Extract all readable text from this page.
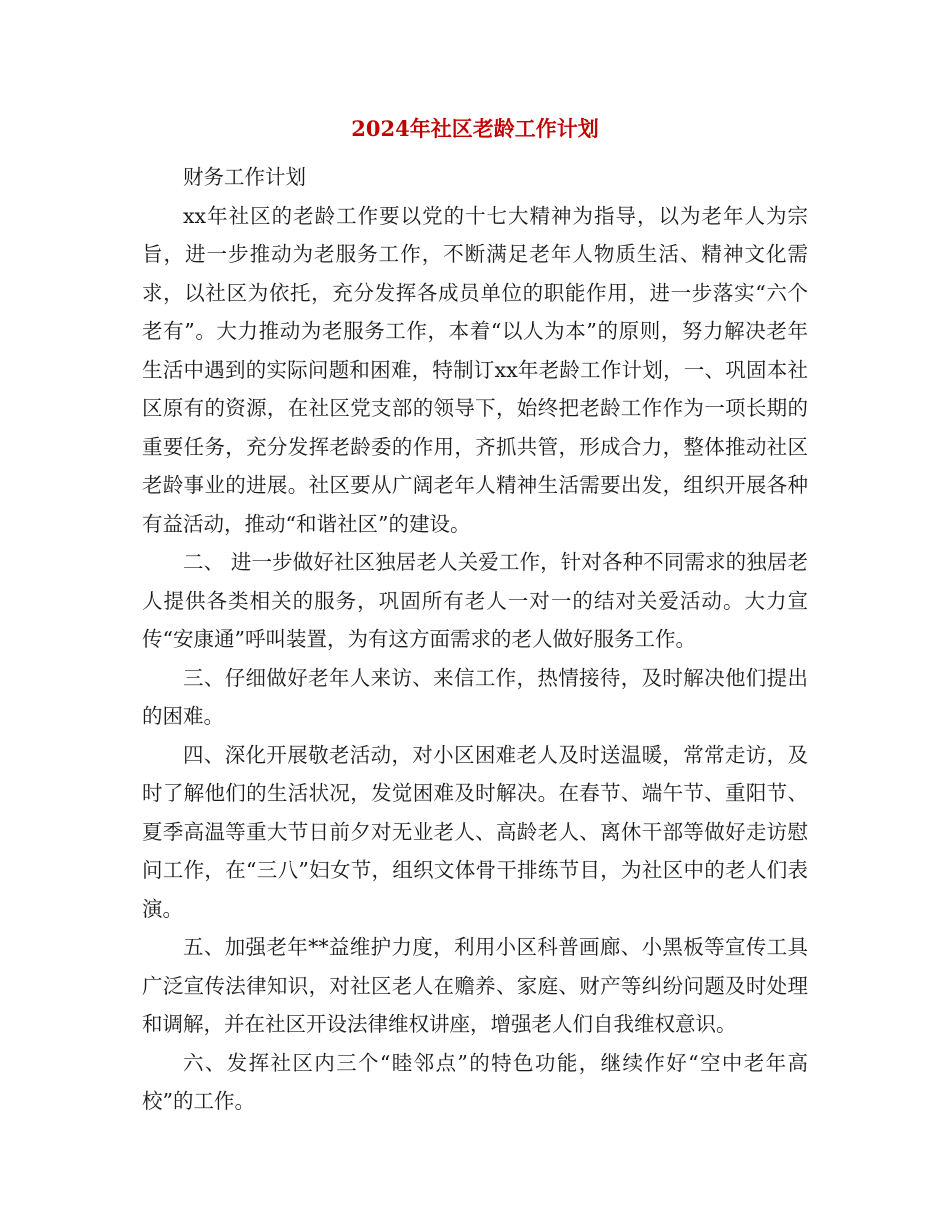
2024年社区老龄工作计划

财务工作计划

xx年社区的老龄工作要以党的十七大精神为指导，以为老年人为宗旨，进一步推动为老服务工作，不断满足老年人物质生活、精神文化需求，以社区为依托，充分发挥各成员单位的职能作用，进一步落实“六个老有”。大力推动为老服务工作，本着“以人为本”的原则，努力解决老年生活中遇到的实际问题和困难，特制订xx年老龄工作计划，一、巩固本社区原有的资源，在社区党支部的领导下，始终把老龄工作作为一项长期的重要任务，充分发挥老龄委的作用，齐抓共管，形成合力，整体推动社区老龄事业的进展。社区要从广阔老年人精神生活需要出发，组织开展各种有益活动，推动“和谐社区”的建设。

二、 进一步做好社区独居老人关爱工作，针对各种不同需求的独居老人提供各类相关的服务，巩固所有老人一对一的结对关爱活动。大力宣传“安康通”呼叫装置，为有这方面需求的老人做好服务工作。

三、仔细做好老年人来访、来信工作，热情接待，及时解决他们提出的困难。

四、深化开展敬老活动，对小区困难老人及时送温暖，常常走访，及时了解他们的生活状况，发觉困难及时解决。在春节、端午节、重阳节、夏季高温等重大节日前夕对无业老人、高龄老人、离休干部等做好走访慰问工作，在“三八”妇女节，组织文体骨干排练节目，为社区中的老人们表演。

五、加强老年**益维护力度，利用小区科普画廊、小黑板等宣传工具广泛宣传法律知识，对社区老人在赡养、家庭、财产等纠纷问题及时处理和调解，并在社区开设法律维权讲座，增强老人们自我维权意识。

六、发挥社区内三个“睦邻点”的特色功能，继续作好“空中老年高校”的工作。
